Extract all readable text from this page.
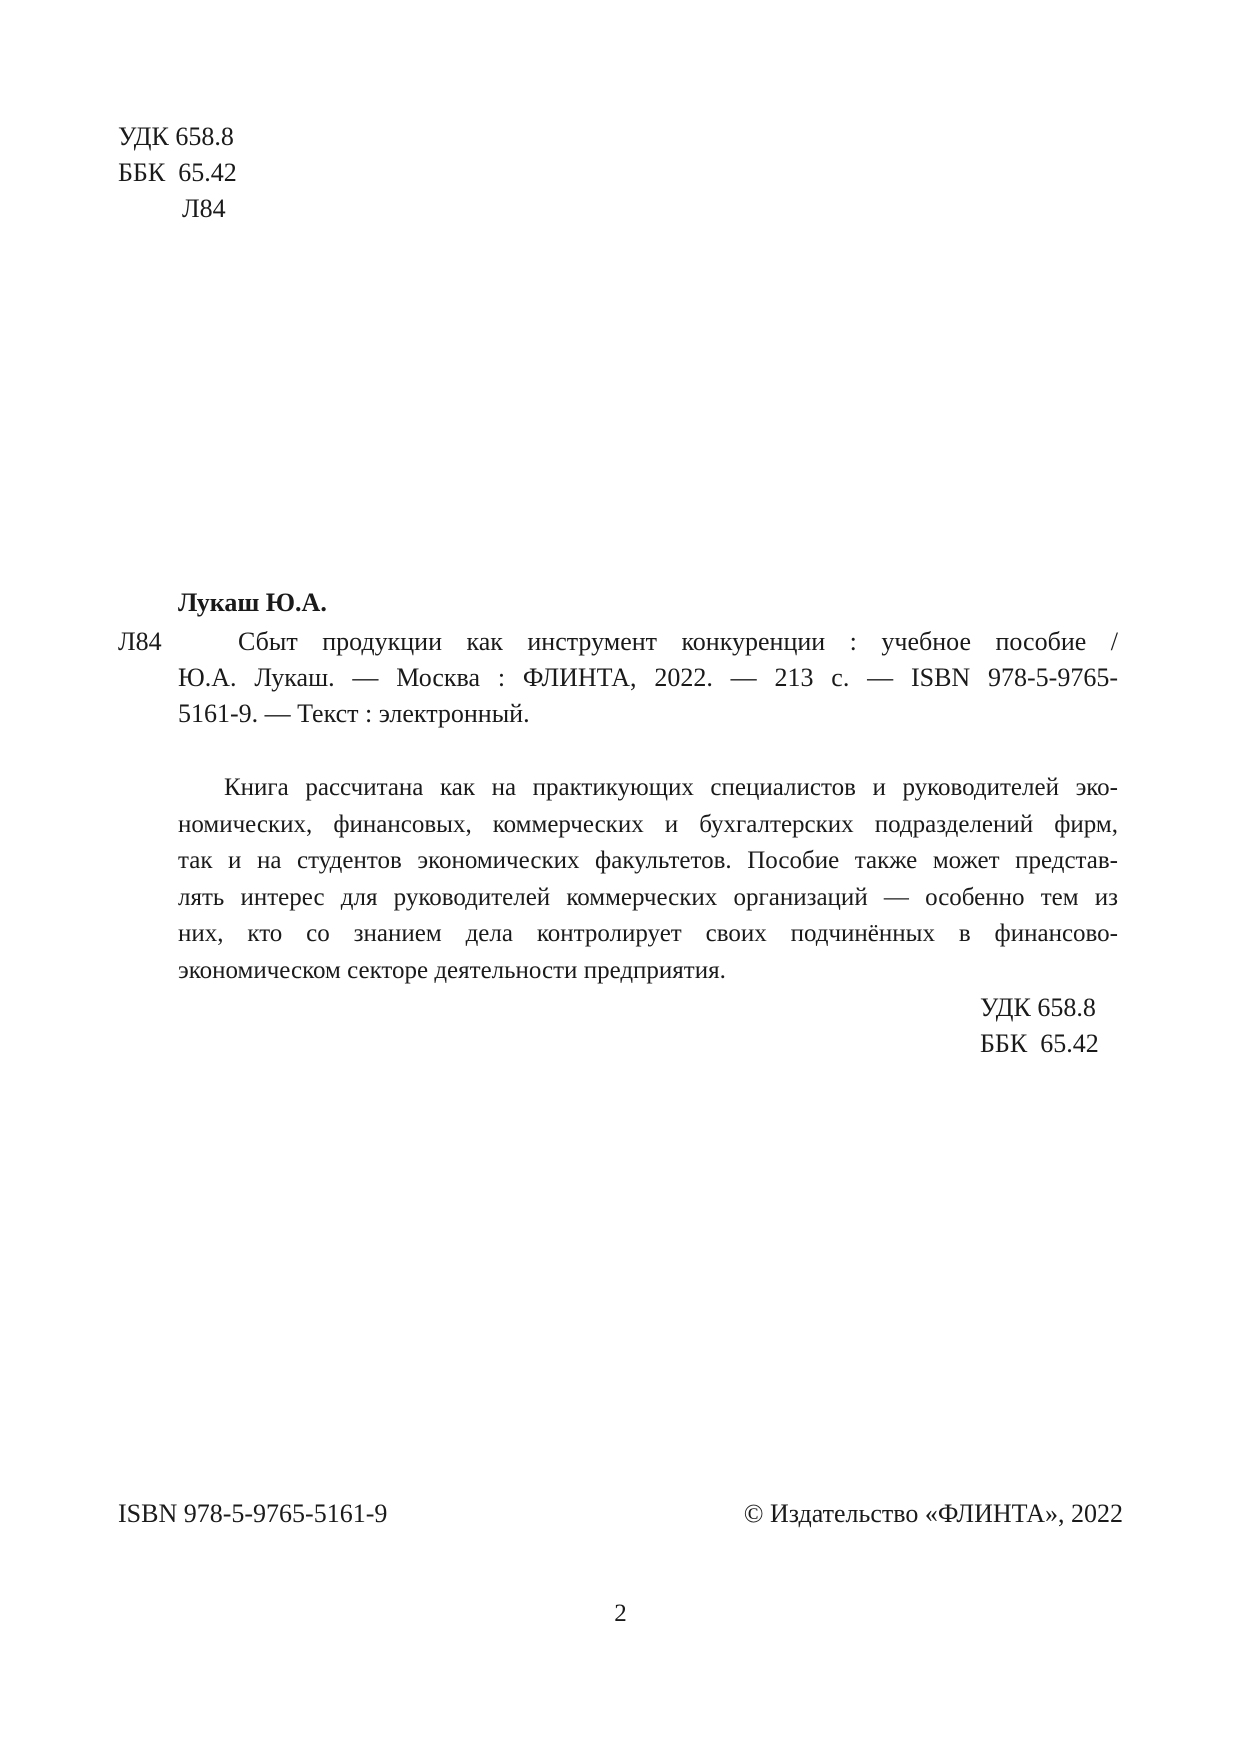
УДК 658.8
ББК  65.42
Л84
Лукаш Ю.А.
Л84	Сбыт продукции как инструмент конкуренции : учебное пособие /
Ю.А. Лукаш. — Москва : ФЛИНТА, 2022. — 213 с. — ISBN 978-5-9765-
5161-9. — Текст : электронный.
Книга рассчитана как на практикующих специалистов и руководителей эко-
номических, финансовых, коммерческих и бухгалтерских подразделений фирм,
так и на студентов экономических факультетов. Пособие также может представ-
лять интерес для руководителей коммерческих организаций — особенно тем из
них, кто со знанием дела контролирует своих подчинённых в финансово-
экономическом секторе деятельности предприятия.
УДК 658.8
ББК  65.42
ISBN 978-5-9765-5161-9	© Издательство «ФЛИНТА», 2022
2
